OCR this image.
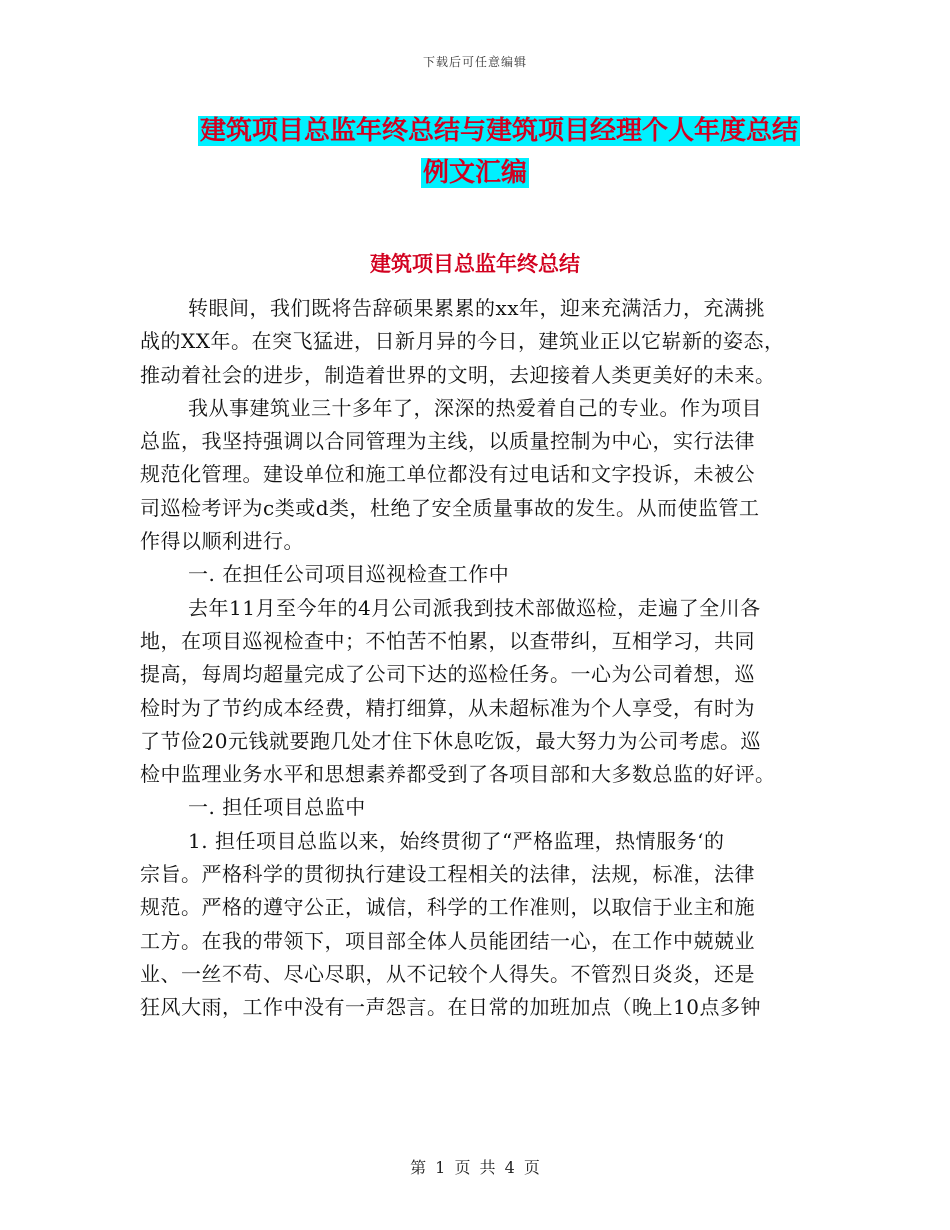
下载后可任意编辑
建筑项目总监年终总结与建筑项目经理个人年度总结
例文汇编
建筑项目总监年终总结
转眼间，我们既将告辞硕果累累的xx年，迎来充满活力，充满挑
战的XX年。在突飞猛进，日新月异的今日，建筑业正以它崭新的姿态，
推动着社会的进步，制造着世界的文明，去迎接着人类更美好的未来。
我从事建筑业三十多年了，深深的热爱着自己的专业。作为项目
总监，我坚持强调以合同管理为主线，以质量控制为中心，实行法律
规范化管理。建设单位和施工单位都没有过电话和文字投诉，未被公
司巡检考评为c类或d类，杜绝了安全质量事故的发生。从而使监管工
作得以顺利进行。
一. 在担任公司项目巡视检查工作中
去年11月至今年的4月公司派我到技术部做巡检，走遍了全川各
地，在项目巡视检查中；不怕苦不怕累，以查带纠，互相学习，共同
提高，每周均超量完成了公司下达的巡检任务。一心为公司着想，巡
检时为了节约成本经费，精打细算，从未超标准为个人享受，有时为
了节俭20元钱就要跑几处才住下休息吃饭，最大努力为公司考虑。巡
检中监理业务水平和思想素养都受到了各项目部和大多数总监的好评。
一. 担任项目总监中
1. 担任项目总监以来，始终贯彻了“严格监理，热情服务‘的
宗旨。严格科学的贯彻执行建设工程相关的法律，法规，标准，法律
规范。严格的遵守公正，诚信，科学的工作准则，以取信于业主和施
工方。在我的带领下，项目部全体人员能团结一心，在工作中兢兢业
业、一丝不苟、尽心尽职，从不记较个人得失。不管烈日炎炎，还是
狂风大雨，工作中没有一声怨言。在日常的加班加点（晚上10点多钟
第 1 页 共 4 页
